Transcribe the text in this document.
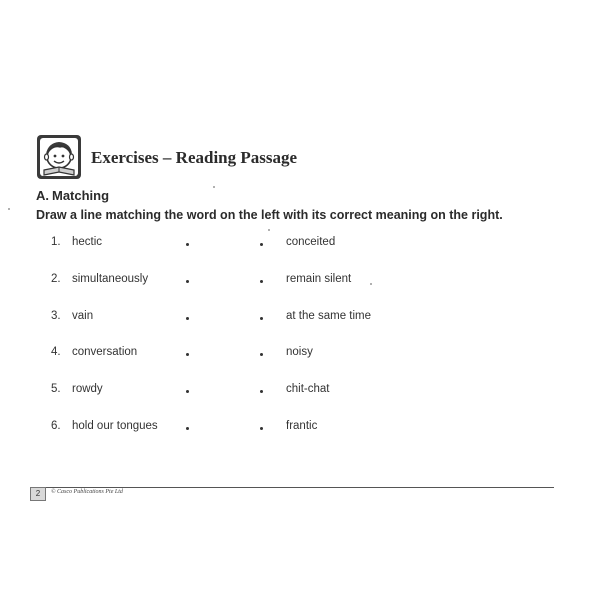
Exercises – Reading Passage
A. Matching
Draw a line matching the word on the left with its correct meaning on the right.
1. hectic	conceited
2. simultaneously	remain silent
3. vain	at the same time
4. conversation	noisy
5. rowdy	chit-chat
6. hold our tongues	frantic
2	© Casco Publications Pte Ltd
